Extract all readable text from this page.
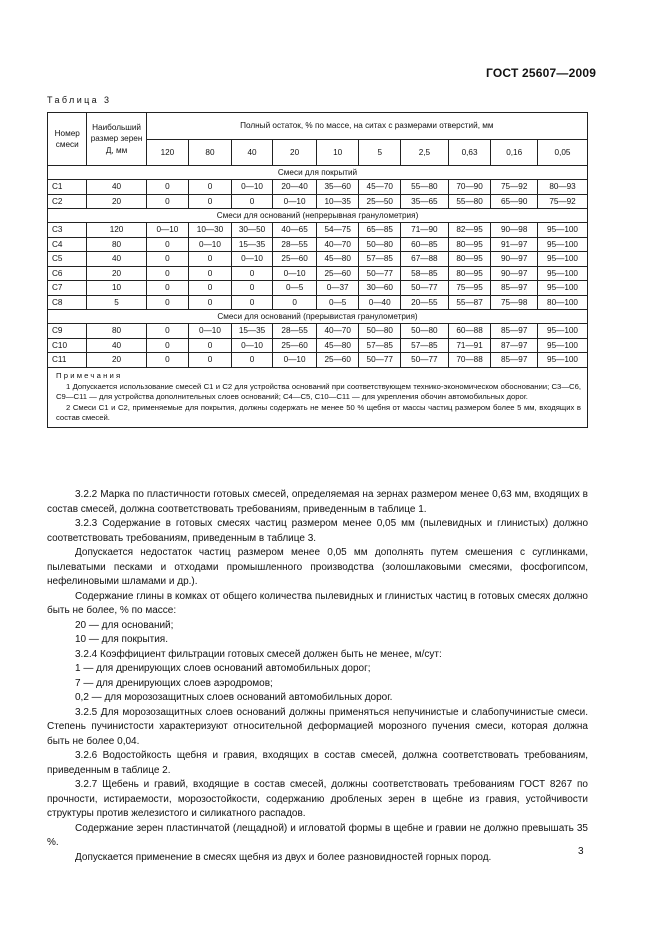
ГОСТ 25607—2009
Таблица 3
Номер смеси	Наибольший размер зерен Д, мм	Полный остаток, % по массе, на ситах с размерами отверстий, мм									
		120	80	40	20	10	5	2,5	0,63	0,16	0,05
Смеси для покрытий											
С1	40	0	0	0—10	20—40	35—60	45—70	55—80	70—90	75—92	80—93
С2	20	0	0	0	0—10	10—35	25—50	35—65	55—80	65—90	75—92
Смеси для оснований (непрерывная гранулометрия)											
С3	120	0—10	10—30	30—50	40—65	54—75	65—85	71—90	82—95	90—98	95—100
С4	80	0	0—10	15—35	28—55	40—70	50—80	60—85	80—95	91—97	95—100
С5	40	0	0	0—10	25—60	45—80	57—85	67—88	80—95	90—97	95—100
С6	20	0	0	0	0—10	25—60	50—77	58—85	80—95	90—97	95—100
С7	10	0	0	0	0—5	0—37	30—60	50—77	75—95	85—97	95—100
С8	5	0	0	0	0	0—5	0—40	20—55	55—87	75—98	80—100
Смеси для оснований (прерывистая гранулометрия)											
С9	80	0	0—10	15—35	28—55	40—70	50—80	50—80	60—88	85—97	95—100
С10	40	0	0	0—10	25—60	45—80	57—85	57—85	71—91	87—97	95—100
С11	20	0	0	0	0—10	25—60	50—77	50—77	70—88	85—97	95—100

Примечания

1 Допускается использование смесей С1 и С2 для устройства оснований при соответствующем технико-экономическом обосновании; С3—С6, С9—С11 — для устройства дополнительных слоев оснований; С4—С5, С10—С11 — для укрепления обочин автомобильных дорог.

2 Смеси С1 и С2, применяемые для покрытия, должны содержать не менее 50 % щебня от массы частиц размером более 5 мм, входящих в состав смесей.											

3.2.2 Марка по пластичности готовых смесей, определяемая на зернах размером менее 0,63 мм, входящих в состав смесей, должна соответствовать требованиям, приведенным в таблице 1.

3.2.3 Содержание в готовых смесях частиц размером менее 0,05 мм (пылевидных и глинистых) должно соответствовать требованиям, приведенным в таблице 3.

Допускается недостаток частиц размером менее 0,05 мм дополнять путем смешения с суглинками, пылеватыми песками и отходами промышленного производства (золошлаковыми смесями, фосфогипсом, нефелиновыми шламами и др.).

Содержание глины в комках от общего количества пылевидных и глинистых частиц в готовых смесях должно быть не более, % по массе:

20 — для оснований;

10 — для покрытия.

3.2.4 Коэффициент фильтрации готовых смесей должен быть не менее, м/сут:

1 — для дренирующих слоев оснований автомобильных дорог;

7 — для дренирующих слоев аэродромов;

0,2 — для морозозащитных слоев оснований автомобильных дорог.

3.2.5 Для морозозащитных слоев оснований должны применяться непучинистые и слабопучинистые смеси. Степень пучинистости характеризуют относительной деформацией морозного пучения смеси, которая должна быть не более 0,04.

3.2.6 Водостойкость щебня и гравия, входящих в состав смесей, должна соответствовать требованиям, приведенным в таблице 2.

3.2.7 Щебень и гравий, входящие в состав смесей, должны соответствовать требованиям ГОСТ 8267 по прочности, истираемости, морозостойкости, содержанию дробленых зерен в щебне из гравия, устойчивости структуры против железистого и силикатного распадов.

Содержание зерен пластинчатой (лещадной) и игловатой формы в щебне и гравии не должно превышать 35 %.

Допускается применение в смесях щебня из двух и более разновидностей горных пород.	3
